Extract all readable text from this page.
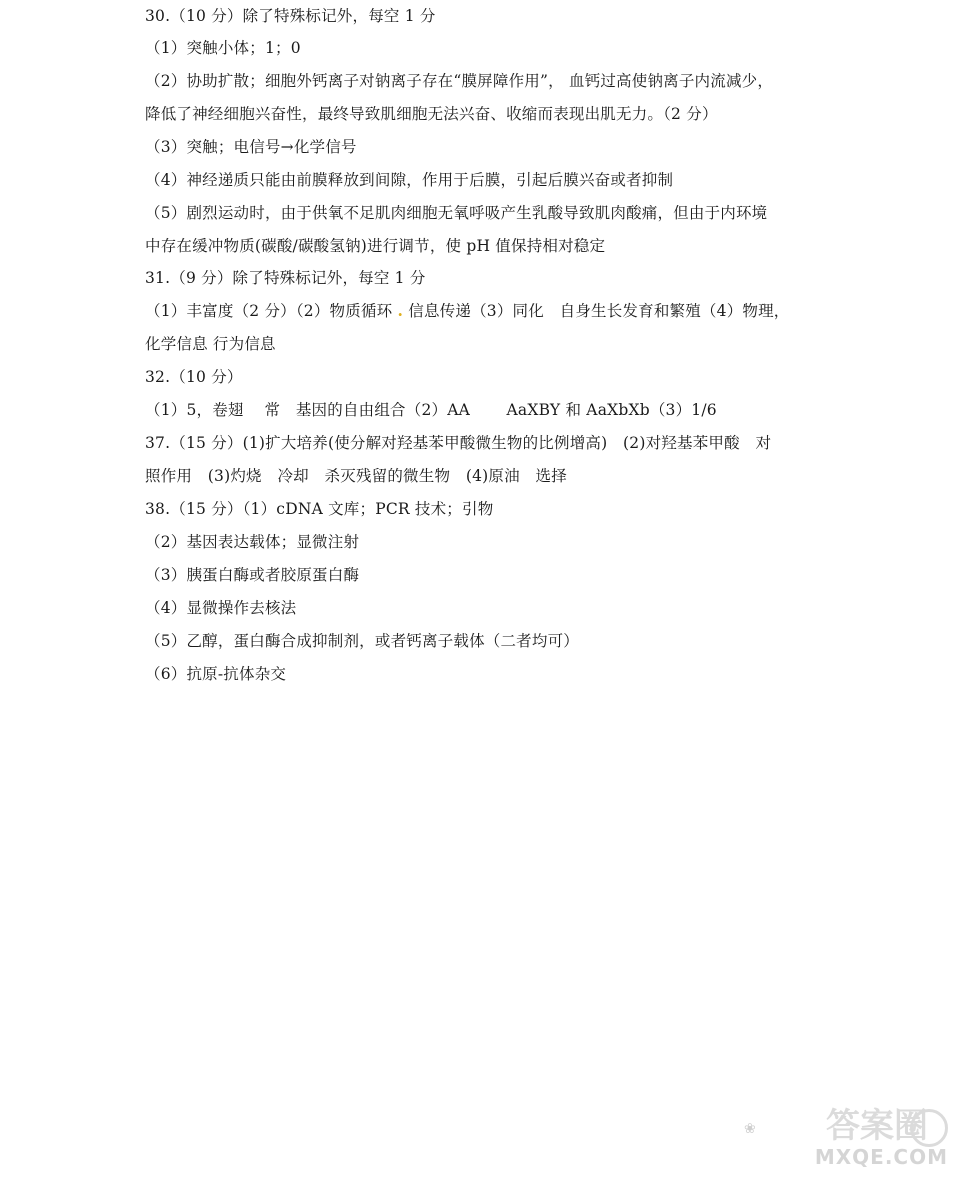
30.（10 分）除了特殊标记外，每空 1 分
（1）突触小体；1；0
（2）协助扩散；细胞外钙离子对钠离子存在“膜屏障作用”， 血钙过高使钠离子内流减少，
降低了神经细胞兴奋性，最终导致肌细胞无法兴奋、收缩而表现出肌无力。（2 分）
（3）突触；电信号→化学信号
（4）神经递质只能由前膜释放到间隙，作用于后膜，引起后膜兴奋或者抑制
（5）剧烈运动时，由于供氧不足肌肉细胞无氧呼吸产生乳酸导致肌肉酸痛，但由于内环境
中存在缓冲物质(碳酸/碳酸氢钠)进行调节，使 pH 值保持相对稳定
31.（9 分）除了特殊标记外，每空 1 分
（1）丰富度（2 分）（2）物质循环 . 信息传递（3）同化　自身生长发育和繁殖（4）物理，
化学信息 行为信息
32.（10 分）
（1）5，卷翅　 常　基因的自由组合（2）AA　　 AaXBY 和 AaXbXb（3）1/6
37.（15 分）(1)扩大培养(使分解对羟基苯甲酸微生物的比例增高)　(2)对羟基苯甲酸　对
照作用　(3)灼烧　冷却　杀灭残留的微生物　(4)原油　选择
38.（15 分）（1）cDNA 文库；PCR 技术；引物
（2）基因表达载体；显微注射
（3）胰蛋白酶或者胶原蛋白酶
（4）显微操作去核法
（5）乙醇，蛋白酶合成抑制剂，或者钙离子载体（二者均可）
（6）抗原-抗体杂交
❀ 答案圈
MXQE.COM
